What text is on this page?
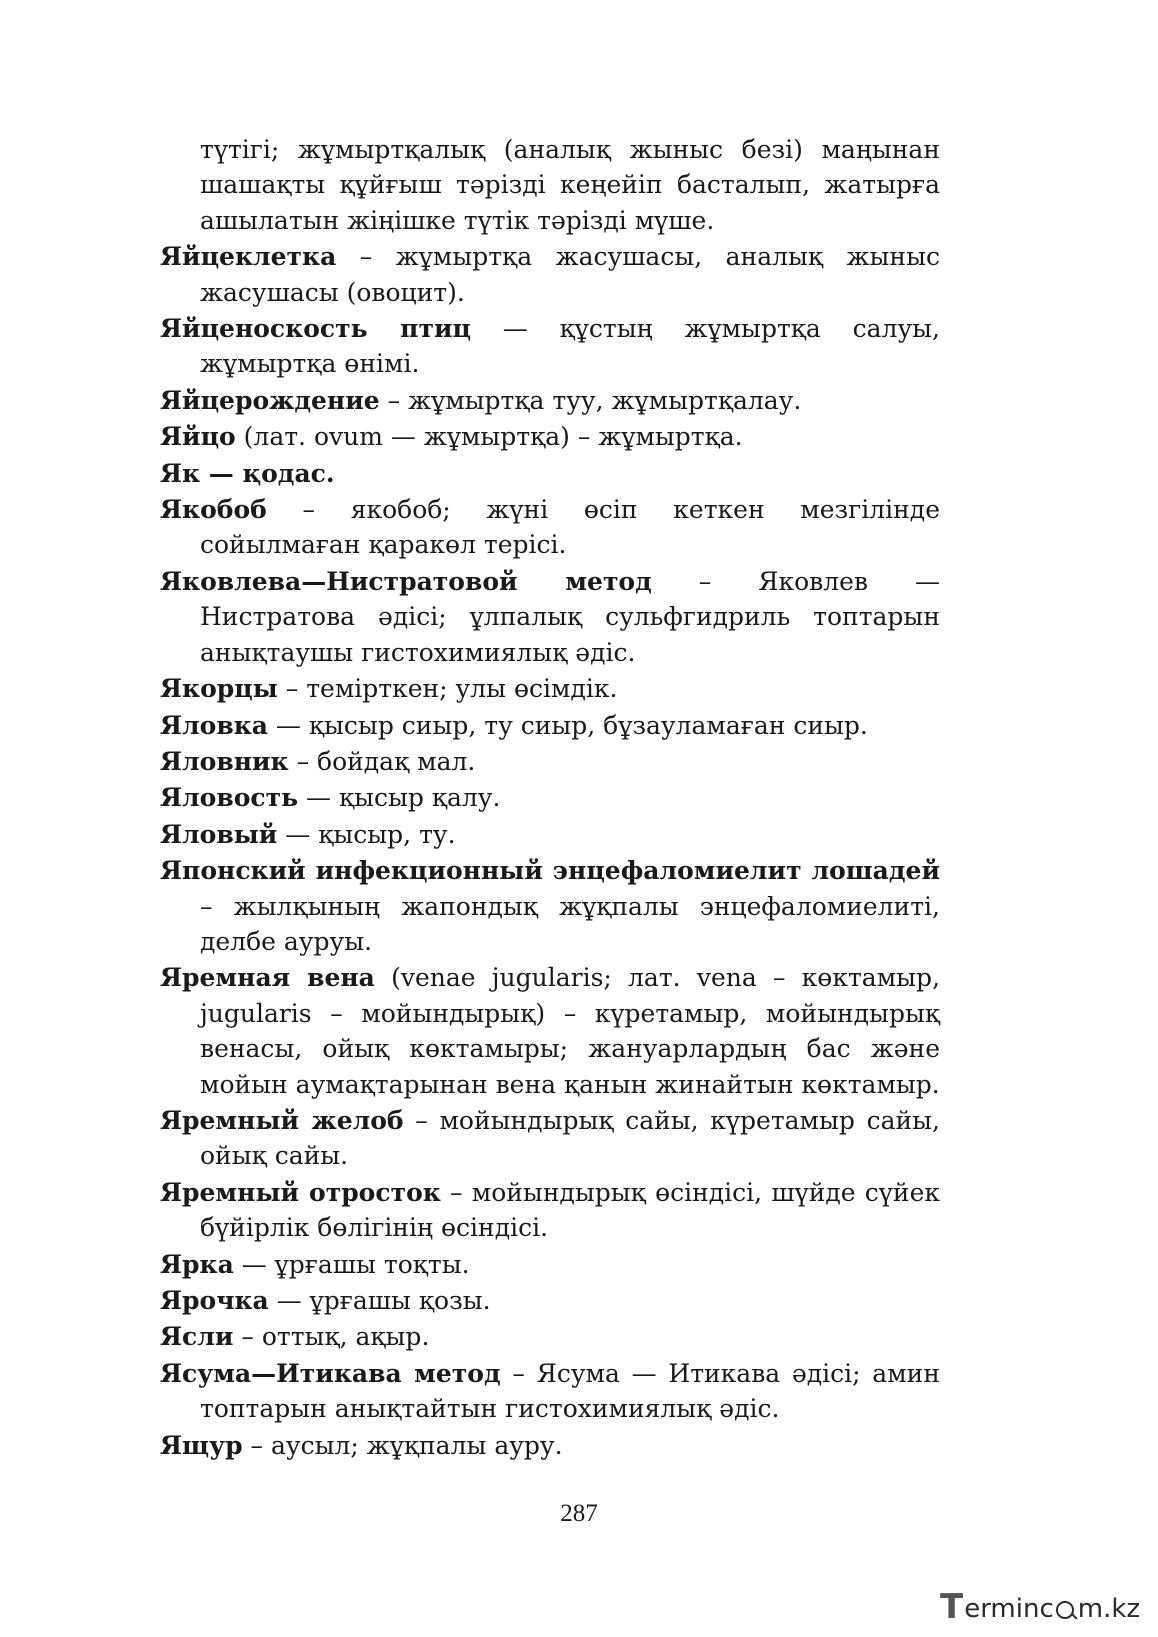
түтігі; жұмыртқалық (аналық жыныс безі) маңынан шашақты құйғыш тәрізді кеңейіп басталып, жатырға ашылатын жіңішке түтік тәрізді мүше.

Яйцеклетка – жұмыртқа жасушасы, аналық жыныс жасушасы (овоцит).

Яйценоскость птиц — құстың жұмыртқа салуы, жұмыртқа өнімі.

Яйцерождение – жұмыртқа туу, жұмыртқалау.

Яйцо (лат. ovum — жұмыртқа) – жұмыртқа.

Як — қодас.

Якобоб – якобоб; жүні өсіп кеткен мезгілінде сойылмаған қаракөл терісі.

Яковлева—Нистратовой метод – Яковлев — Нистратова әдісі; ұлпалық сульфгидриль топтарын анықтаушы гистохимиялық әдіс.

Якорцы – темірткен; улы өсімдік.

Яловка — қысыр сиыр, ту сиыр, бұзауламаған сиыр.

Яловник – бойдақ мал.

Яловость — қысыр қалу.

Яловый — қысыр, ту.

Японский инфекционный энцефаломиелит лошадей – жылқының жапондық жұқпалы энцефаломиелиті, делбе ауруы.

Яремная вена (venae jugularis; лат. vena – көктамыр, jugularis – мойындырық) – күретамыр, мойындырық венасы, ойық көктамыры; жануарлардың бас және мойын аумақтарынан вена қанын жинайтын көктамыр.

Яремный желоб – мойындырық сайы, күретамыр сайы, ойық сайы.

Яремный отросток – мойындырық өсіндісі, шүйде сүйек бүйірлік бөлігінің өсіндісі.

Ярка — ұрғашы тоқты.

Ярочка — ұрғашы қозы.

Ясли – оттық, ақыр.

Ясума—Итикава метод – Ясума — Итикава әдісі; амин топтарын анықтайтын гистохимиялық әдіс.

Ящур – аусыл; жұқпалы ауру.

287
T erminc m.kz
